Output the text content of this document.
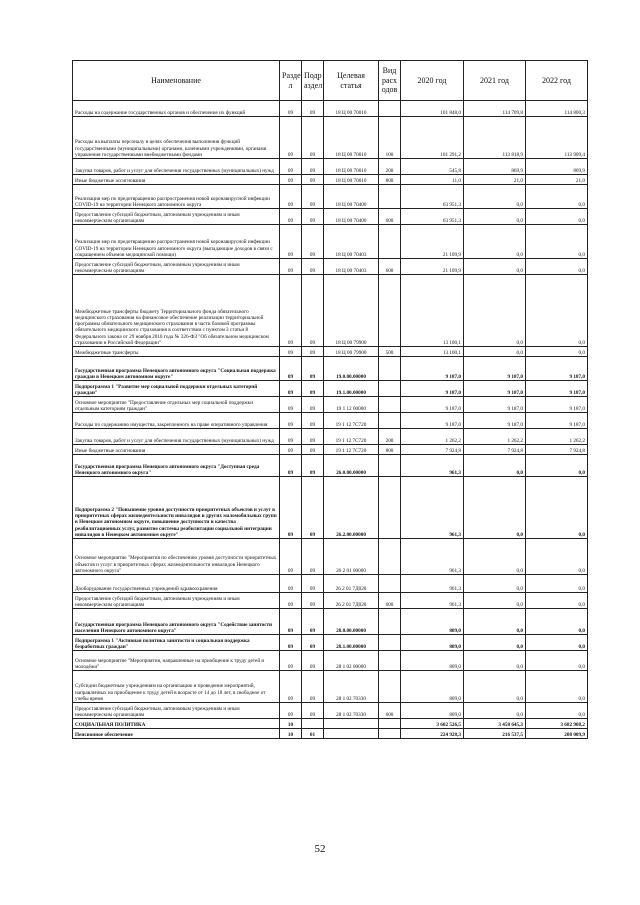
Наименование	Разде л	Подр аздел	Целевая статья	Вид расх одов	2020 год	2021 год	2022 год
Расходы на содержание государственных органов и обеспечение их функций	09	09	18 Ц 00 70010		101 848,0	114 709,8	114 800,3
Расходы на выплаты персоналу в целях обеспечения выполнения функций государственными (муниципальными) органами, казенными учреждениями, органами управления государственными внебюджетными фондами	09	09	18 Ц 00 70010	100	101 291,2	113 818,9	113 909,4
Закупка товаров, работ и услуг для обеспечения государственных (муниципальных) нужд	09	09	18 Ц 00 70010	200	545,8	869,9	869,9
Иные бюджетные ассигнования	09	09	18 Ц 00 70010	800	11,0	21,0	21,0
Реализация мер по предотвращению распространения новой коронавирусной инфекции COVID-19 на территории Ненецкого автономного округа	09	09	18 Ц 00 70400		63 951,3	0,0	0,0
Предоставление субсидий бюджетным, автономным учреждениям и иным некоммерческим организациям	09	09	18 Ц 00 70400	600	63 951,3	0,0	0,0
Реализация мер по предотвращению распространения новой коронавирусной инфекции COVID-19 на территории Ненецкого автономного округа (выпадающие доходов в связи с сокращением объемов медицинской помощи)	09	09	18 Ц 00 70403		21 109,9	0,0	0,0
Предоставление субсидий бюджетным, автономным учреждениям и иным некоммерческим организациям	09	09	18 Ц 00 70403	600	21 109,9	0,0	0,0
Межбюджетные трансферты бюджету Территориального фонда обязательного медицинского страхования на финансовое обеспечение реализации территориальной программы обязательного медицинского страхования в части базовой программы обязательного медицинского страхования в соответствии с пунктом 3 статьи 8 Федерального закона от 29 ноября 2010 года № 326-ФЗ "Об обязательном медицинском страховании в Российской Федерации"	09	09	18 Ц 00 79900		13 100,1	0,0	0,0
Межбюджетные трансферты	09	09	18 Ц 00 79900	500	13 100,1	0,0	0,0
Государственная программа Ненецкого автономного округа "Социальная поддержка граждан в Ненецком автономном округе"	09	09	19.0.00.00000		9 187,0	9 187,0	9 187,0
Подпрограмма 1 "Развитие мер социальной поддержки отдельных категорий граждан"	09	09	19.1.00.00000		9 187,0	9 187,0	9 187,0
Основное мероприятие "Предоставление отдельных мер социальной поддержки отдельным категориям граждан"	09	09	19 1 12 00000		9 187,0	9 187,0	9 187,0
Расходы по содержанию имущества, закрепленного на праве оперативного управления	09	09	19 1 12 7С720		9 187,0	9 187,0	9 187,0
Закупка товаров, работ и услуг для обеспечения государственных (муниципальных) нужд	09	09	19 1 12 7С720	200	1 262,2	1 262,2	1 262,2
Иные бюджетные ассигнования	09	09	19 1 12 7С720	800	7 924,8	7 924,8	7 924,8
Государственная программа Ненецкого автономного округа "Доступная среда Ненецкого автономного округа"	09	09	26.0.00.00000		961,3	0,0	0,0
Подпрограмма 2 "Повышение уровня доступности приоритетных объектов и услуг в приоритетных сферах жизнедеятельности инвалидов и других маломобильных групп в Ненецком автономном округе, повышение доступности и качества реабилитационных услуг, развитие системы реабилитации социальной интеграции инвалидов в Ненецком автономном округе"	09	09	26.2.00.00000		961,3	0,0	0,0
Основное мероприятие "Мероприятия по обеспечению уровня доступности приоритетных объектов и услуг в приоритетных сферах жизнедеятельности инвалидов Ненецкого автономного округа"	09	09	26 2 01 00000		961,3	0,0	0,0
Дооборудование государственных учреждений здравоохранения	09	09	26 2 01 7Д020		961,3	0,0	0,0
Предоставление субсидий бюджетным, автономным учреждениям и иным некоммерческим организациям	09	09	26 2 01 7Д020	600	961,3	0,0	0,0
Государственная программа Ненецкого автономного округа "Содействие занятости населения Ненецкого автономного округа"	09	09	28.0.00.00000		809,0	0,0	0,0
Подпрограмма 1 "Активная политика занятости и социальная поддержка безработных граждан"	09	09	28.1.00.00000		809,0	0,0	0,0
Основное мероприятие "Мероприятия, направленные на приобщение к труду детей и молодёжи"	09	09	28 1 02 00000		809,0	0,0	0,0
Субсидии бюджетным учреждениям на организацию и проведение мероприятий, направленных на приобщение к труду детей в возрасте от 14 до 18 лет, в свободное от учебы время	09	09	28 1 02 70330		809,0	0,0	0,0
Предоставление субсидий бюджетным, автономным учреждениям и иным некоммерческим организациям	09	09	28 1 02 70330	600	809,0	0,0	0,0
СОЦИАЛЬНАЯ ПОЛИТИКА	10				3 602 526,5	3 458 645,3	3 682 908,2
Пенсионное обеспечение	10	01			224 928,3	216 537,5	208 009,9
52
